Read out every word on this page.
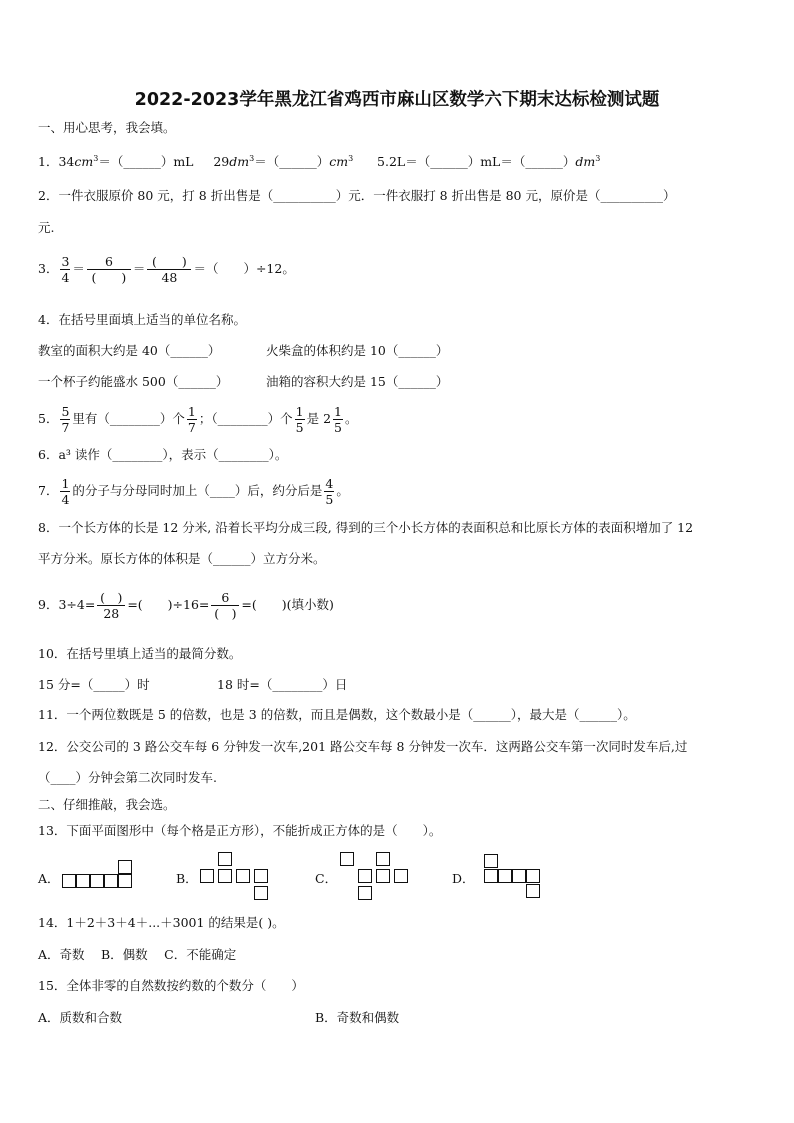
2022-2023学年黑龙江省鸡西市麻山区数学六下期末达标检测试题
一、用心思考，我会填。
1．$34cm^3=(\_\_\_\_\_\_)mL$ $29dm^3=(\_\_\_\_\_\_)cm^3$ $5.2L=(\_\_\_\_\_\_)mL=(\_\_\_\_\_\_)dm^3$
2．一件衣服原价 80 元，打 8 折出售是（__________）元．一件衣服打 8 折出售是 80 元，原价是（__________）
元.
3． $\frac{3}{4} = \frac{6}{( )} = \frac{( )}{48}$ ＝（　　）÷12。
4．在括号里面填上适当的单位名称。
教室的面积大约是 40（______）	火柴盒的体积约是 10（______）
一个杯子约能盛水 500（______）	油箱的容积大约是 15（______）
5． $\frac{5}{7}$ 里有（________）个 $\frac{1}{7}$ ；（________）个 $\frac{1}{5}$ 是 $2 \frac{1}{5}$ 。
6．a³ 读作（________），表示（________）。
7． $\frac{1}{4}$ 的分子与分母同时加上（____）后，约分后是 $\frac{4}{5}$ 。
8．一个长方体的长是 12 分米, 沿着长平均分成三段, 得到的三个小长方体的表面积总和比原长方体的表面积增加了 12
平方分米。原长方体的体积是（______）立方分米。
9．$3\div 4= \frac{( )}{28}$ =(　　)$\div 16= \frac{6}{( )}$ =(　　)(填小数)
10．在括号里填上适当的最简分数。
15 分=（_____）时	18 时=（________）日
11．一个两位数既是 5 的倍数，也是 3 的倍数，而且是偶数，这个数最小是（______），最大是（______）。
12．公交公司的 3 路公交车每 6 分钟发一次车,201 路公交车每 8 分钟发一次车．这两路公交车第一次同时发车后,过
（____）分钟会第二次同时发车.
二、仔细推敲，我会选。
13．下面平面图形中（每个格是正方形），不能折成正方体的是（　　）。
A．	B．	C．	D．
14．1＋2＋3＋4＋...＋3001 的结果是( )。
A．奇数　 B．偶数　 C．不能确定
15．全体非零的自然数按约数的个数分（　　）
A．质数和合数	B．奇数和偶数
